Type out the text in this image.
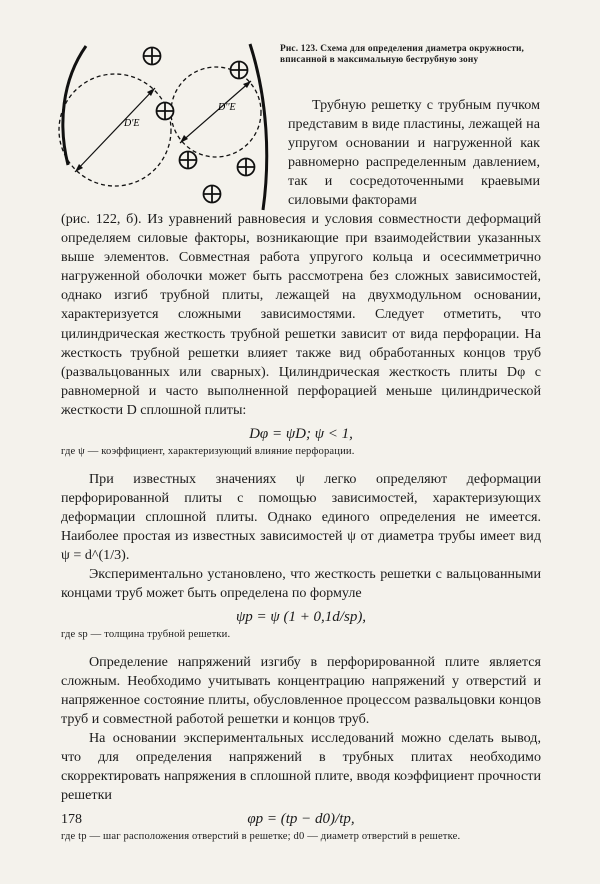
D'E
D''E
Рис. 123. Схема для определения диаметра окружности, вписанной в максимальную беструбную зону

Трубную решетку с трубным пучком представим в виде пластины, лежащей на упругом основании и нагруженной как равномерно распределенным давлением, так и сосредоточенными краевыми силовыми факторами

(рис. 122, б). Из уравнений равновесия и условия совместности деформаций определяем силовые факторы, возникающие при взаимодействии указанных выше элементов. Совместная работа упругого кольца и осесимметрично нагруженной оболочки может быть рассмотрена без сложных зависимостей, однако изгиб трубной плиты, лежащей на двухмодульном основании, характеризуется сложными зависимостями. Следует отметить, что цилиндрическая жесткость трубной решетки зависит от вида перфорации. На жесткость трубной решетки влияет также вид обработанных концов труб (развальцованных или сварных). Цилиндрическая жесткость плиты Dφ с равномерной и часто выполненной перфорацией меньше цилиндрической жесткости D сплошной плиты:

Dφ = ψD; ψ < 1,

где ψ — коэффициент, характеризующий влияние перфорации.

При известных значениях ψ легко определяют деформации перфорированной плиты с помощью зависимостей, характеризующих деформации сплошной плиты. Однако единого определения не имеется. Наиболее простая из известных зависимостей ψ от диаметра трубы имеет вид ψ = d^(1/3).

Экспериментально установлено, что жесткость решетки с вальцованными концами труб может быть определена по формуле

ψр = ψ (1 + 0,1d/sр),

где sр — толщина трубной решетки.

Определение напряжений изгибу в перфорированной плите является сложным. Необходимо учитывать концентрацию напряжений у отверстий и напряженное состояние плиты, обусловленное процессом развальцовки концов труб и совместной работой решетки и концов труб.

На основании экспериментальных исследований можно сделать вывод, что для определения напряжений в трубных плитах необходимо скорректировать напряжения в сплошной плите, вводя коэффициент прочности решетки

φр = (tр − d0)/tр,

где tр — шаг расположения отверстий в решетке; d0 — диаметр отверстий в решетке.

178
